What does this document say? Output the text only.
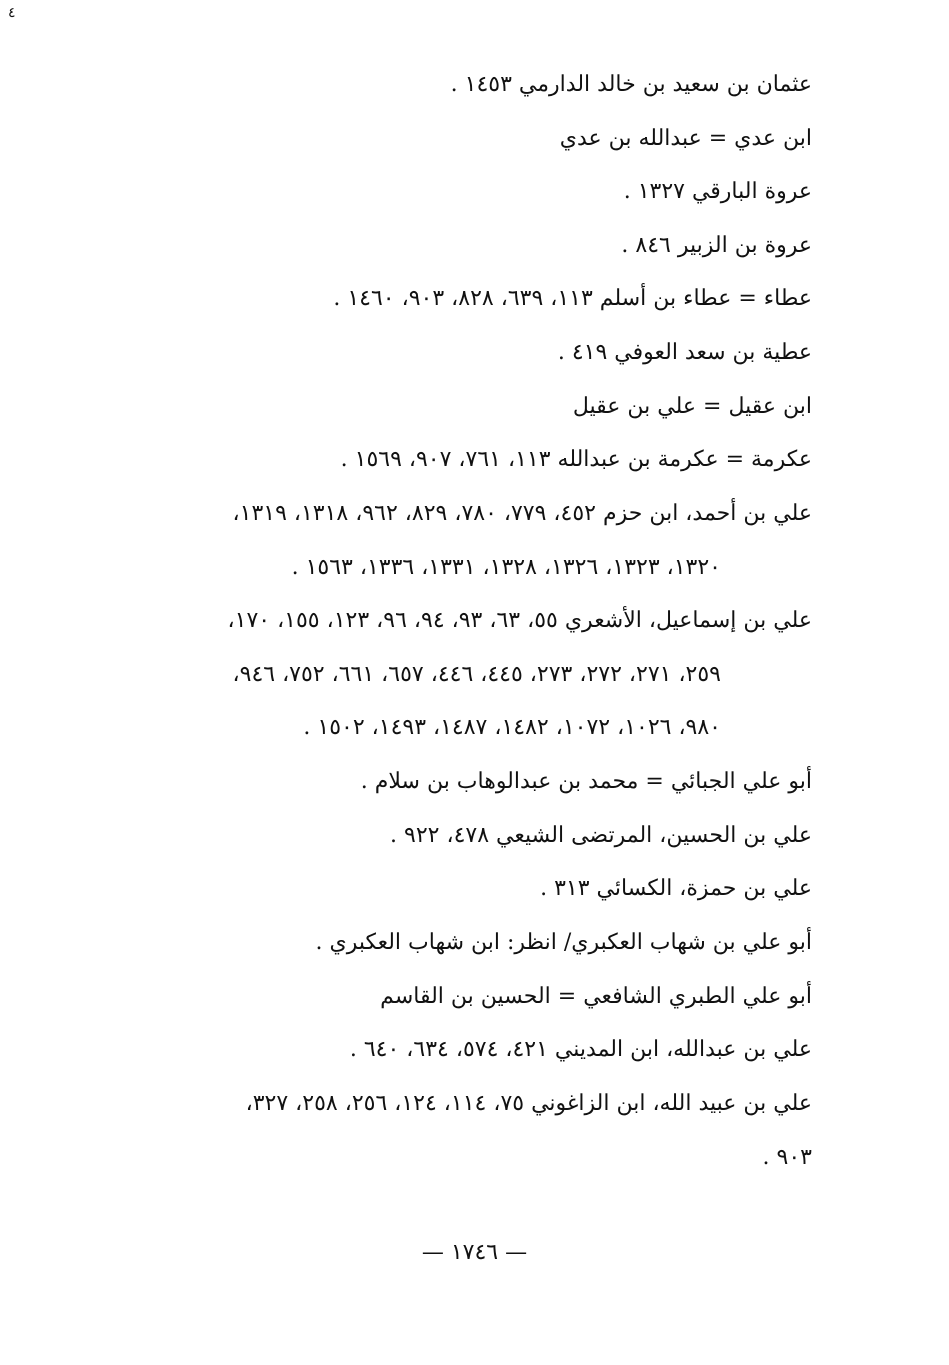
٤
عثمان بن سعيد بن خالد الدارمي ١٤٥٣ .
ابن عدي = عبدالله بن عدي
عروة البارقي ١٣٢٧ .
عروة بن الزبير ٨٤٦ .
عطاء = عطاء بن أسلم ١١٣، ٦٣٩، ٨٢٨، ٩٠٣، ١٤٦٠ .
عطية بن سعد العوفي ٤١٩ .
ابن عقيل = علي بن عقيل
عكرمة = عكرمة بن عبدالله ١١٣، ٧٦١، ٩٠٧، ١٥٦٩ .
علي بن أحمد، ابن حزم ٤٥٢، ٧٧٩، ٧٨٠، ٨٢٩، ٩٦٢، ١٣١٨، ١٣١٩،
١٣٢٠، ١٣٢٣، ١٣٢٦، ١٣٢٨، ١٣٣١، ١٣٣٦، ١٥٦٣ .
علي بن إسماعيل، الأشعري ٥٥، ٦٣، ٩٣، ٩٤، ٩٦، ١٢٣، ١٥٥، ١٧٠،
٢٥٩، ٢٧١، ٢٧٢، ٢٧٣، ٤٤٥، ٤٤٦، ٦٥٧، ٦٦١، ٧٥٢، ٩٤٦،
٩٨٠، ١٠٢٦، ١٠٧٢، ١٤٨٢، ١٤٨٧، ١٤٩٣، ١٥٠٢ .
أبو علي الجبائي = محمد بن عبدالوهاب بن سلام .
علي بن الحسين، المرتضى الشيعي ٤٧٨، ٩٢٢ .
علي بن حمزة، الكسائي ٣١٣ .
أبو علي بن شهاب العكبري/ انظر: ابن شهاب العكبري .
أبو علي الطبري الشافعي = الحسين بن القاسم
علي بن عبدالله، ابن المديني ٤٢١، ٥٧٤، ٦٣٤، ٦٤٠ .
علي بن عبيد الله، ابن الزاغوني ٧٥، ١١٤، ١٢٤، ٢٥٦، ٢٥٨، ٣٢٧،
٩٠٣ .
— ١٧٤٦ —
